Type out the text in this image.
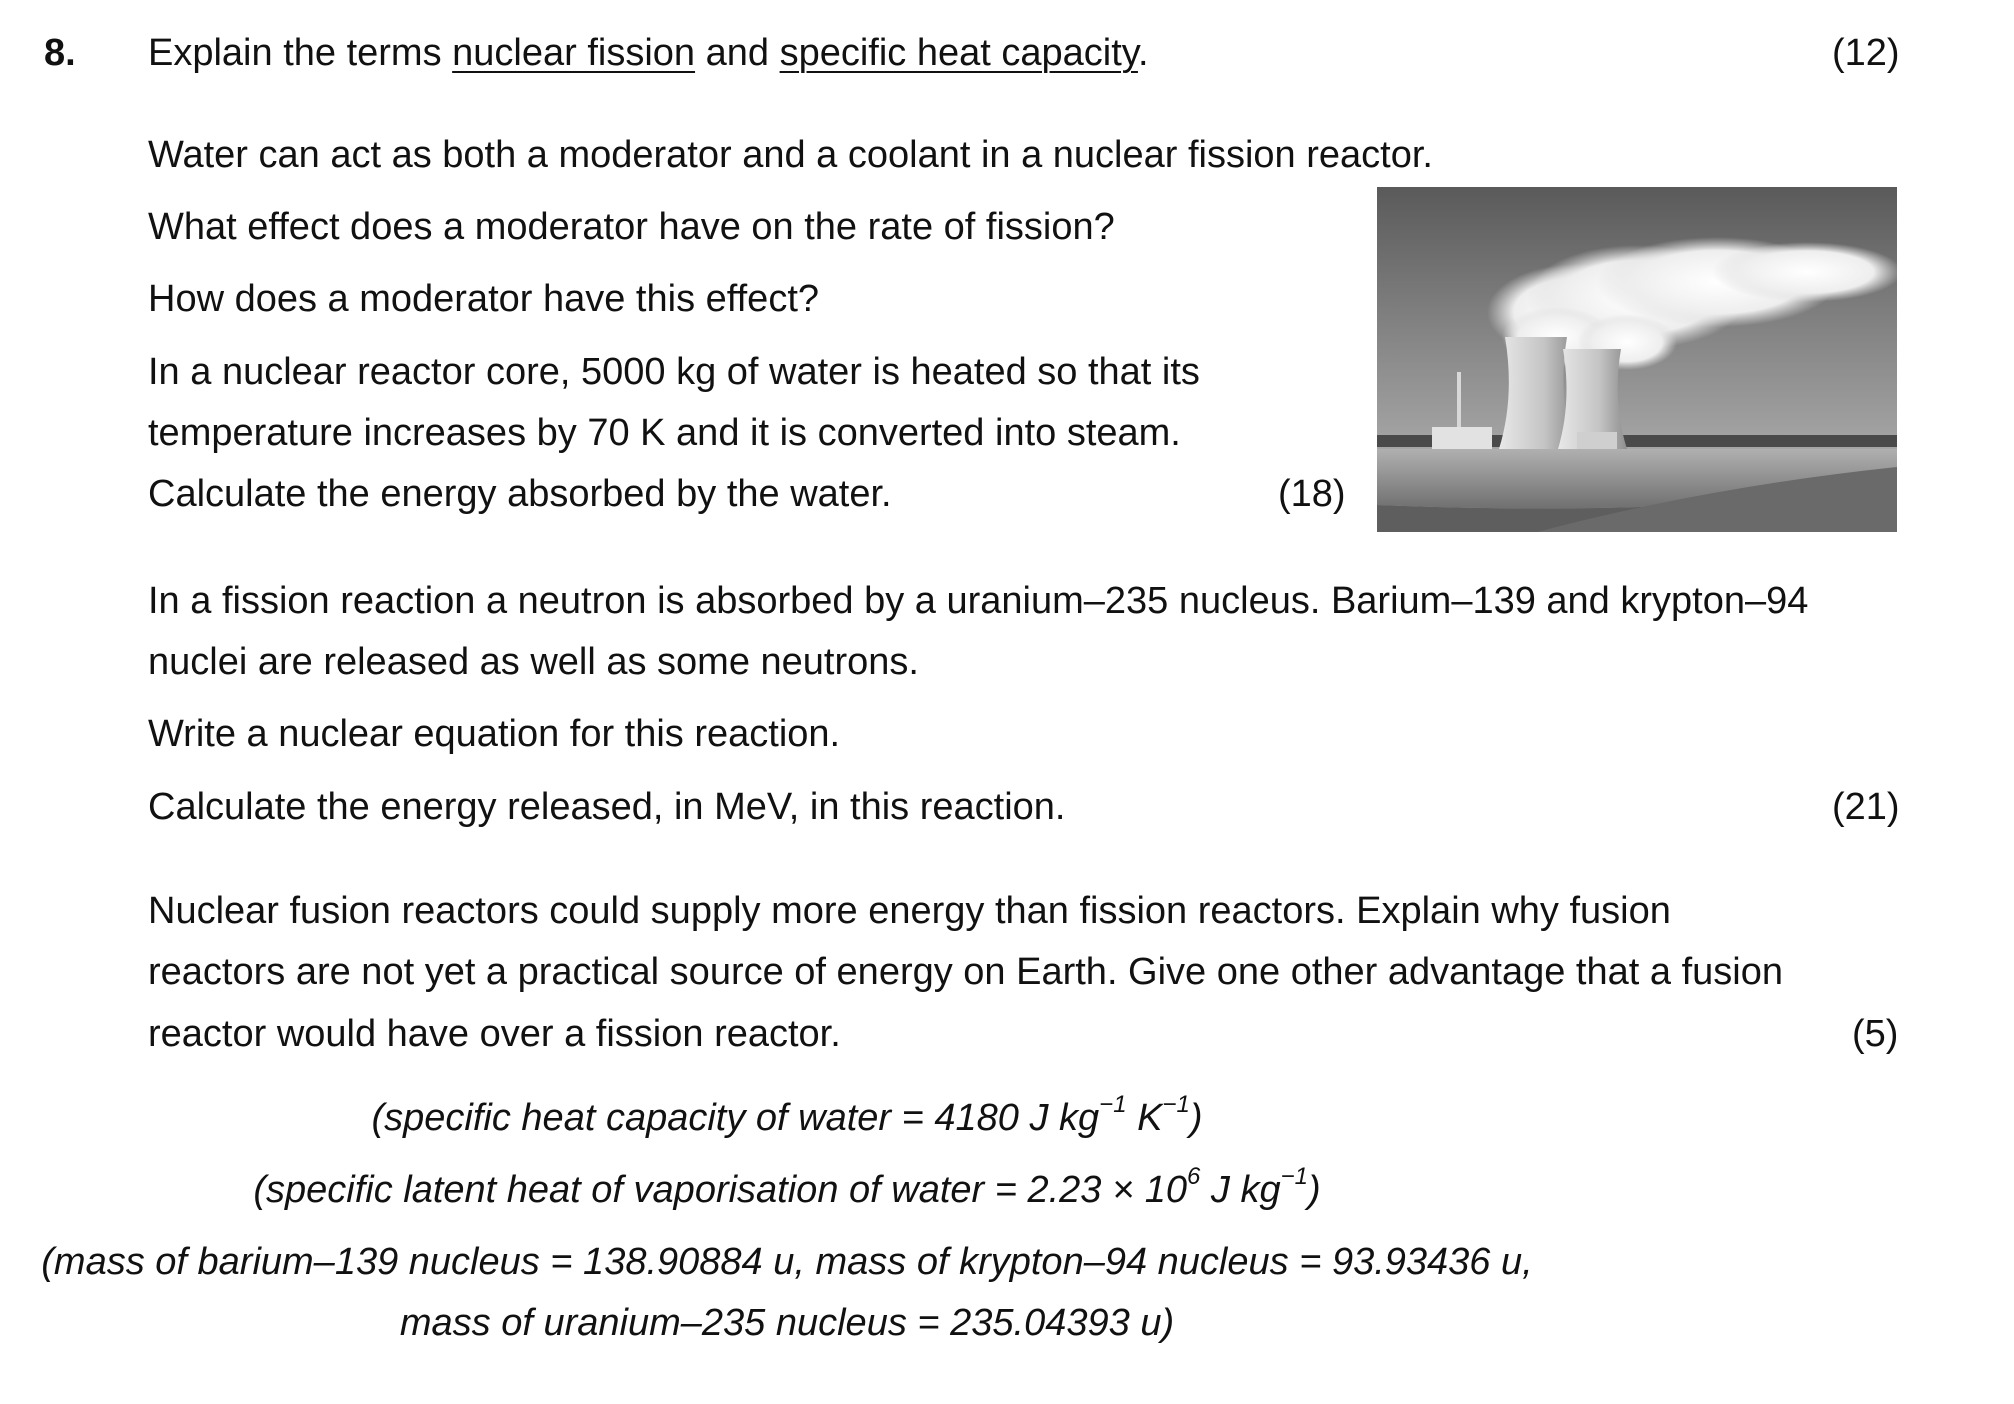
8. Explain the terms nuclear fission and specific heat capacity.	(12)
Water can act as both a moderator and a coolant in a nuclear fission reactor.
What effect does a moderator have on the rate of fission?
How does a moderator have this effect?
In a nuclear reactor core, 5000 kg of water is heated so that its
temperature increases by 70 K and it is converted into steam.
Calculate the energy absorbed by the water.	(18)
In a fission reaction a neutron is absorbed by a uranium–235 nucleus. Barium–139 and krypton–94
nuclei are released as well as some neutrons.
Write a nuclear equation for this reaction.
Calculate the energy released, in MeV, in this reaction.	(21)
Nuclear fusion reactors could supply more energy than fission reactors. Explain why fusion
reactors are not yet a practical source of energy on Earth. Give one other advantage that a fusion
reactor would have over a fission reactor.	(5)
(specific heat capacity of water = 4180 J $kg^{-1}$ $K^{-1}$)
(specific latent heat of vaporisation of water = $2.23 \times 10^6$ J $kg^{-1}$)
(mass of barium–139 nucleus = 138.90884 u, mass of krypton–94 nucleus = 93.93436 u,
mass of uranium–235 nucleus = 235.04393 u)
